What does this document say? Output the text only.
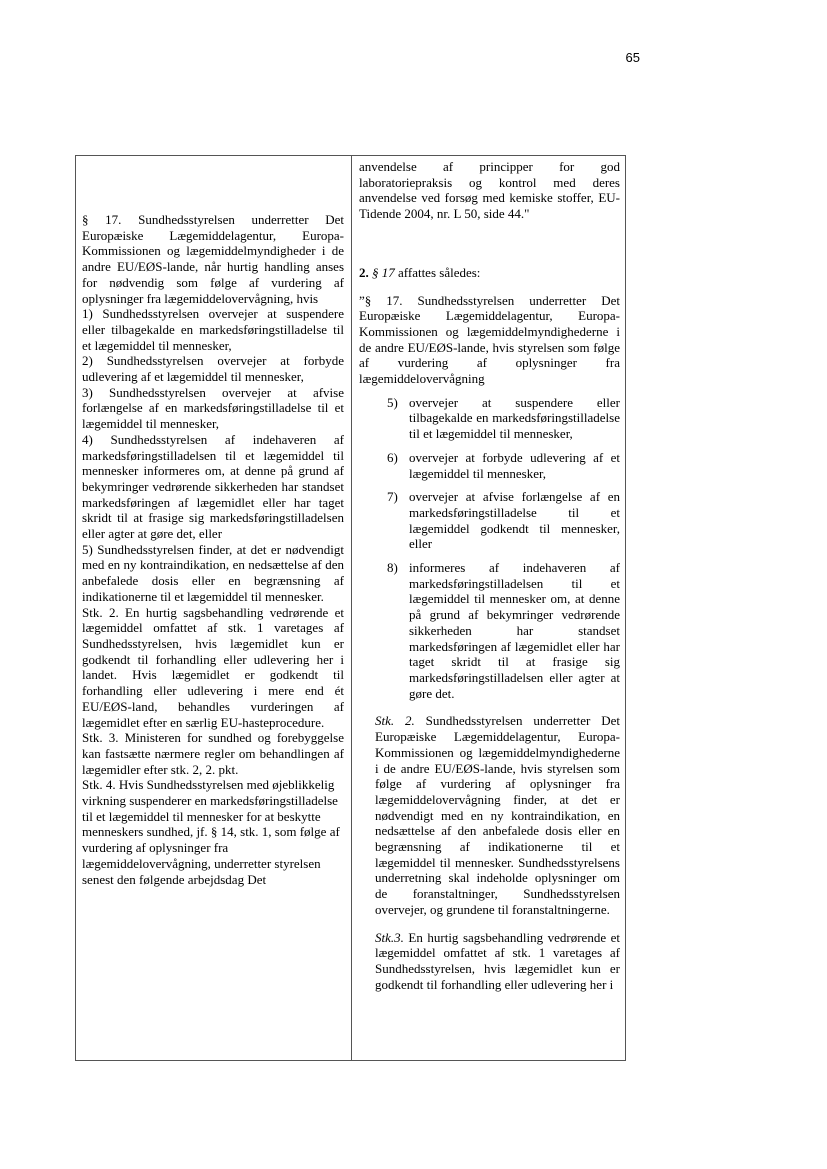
65

§ 17. Sundhedsstyrelsen underretter Det Europæiske Lægemiddelagentur, Europa-Kommissionen og lægemiddelmyndigheder i de andre EU/EØS-lande, når hurtig handling anses for nødvendig som følge af vurdering af oplysninger fra lægemiddelovervågning, hvis

1) Sundhedsstyrelsen overvejer at suspendere eller tilbagekalde en markedsføringstilladelse til et lægemiddel til mennesker,

2) Sundhedsstyrelsen overvejer at forbyde udlevering af et lægemiddel til mennesker,

3) Sundhedsstyrelsen overvejer at afvise forlængelse af en markedsføringstilladelse til et lægemiddel til mennesker,

4) Sundhedsstyrelsen af indehaveren af markedsføringstilladelsen til et lægemiddel til mennesker informeres om, at denne på grund af bekymringer vedrørende sikkerheden har standset markedsføringen af lægemidlet eller har taget skridt til at frasige sig markedsføringstilladelsen eller agter at gøre det, eller

5) Sundhedsstyrelsen finder, at det er nødvendigt med en ny kontraindikation, en nedsættelse af den anbefalede dosis eller en begrænsning af indikationerne til et lægemiddel til mennesker.

Stk. 2. En hurtig sagsbehandling vedrørende et lægemiddel omfattet af stk. 1 varetages af Sundhedsstyrelsen, hvis lægemidlet kun er godkendt til forhandling eller udlevering her i landet. Hvis lægemidlet er godkendt til forhandling eller udlevering i mere end ét EU/EØS-land, behandles vurderingen af lægemidlet efter en særlig EU-hasteprocedure.

Stk. 3. Ministeren for sundhed og forebyggelse kan fastsætte nærmere regler om behandlingen af lægemidler efter stk. 2, 2. pkt.

Stk. 4. Hvis Sundhedsstyrelsen med øjeblikkelig virkning suspenderer en markedsføringstilladelse til et lægemiddel til mennesker for at beskytte menneskers sundhed, jf. § 14, stk. 1, som følge af vurdering af oplysninger fra lægemiddelovervågning, underretter styrelsen senest den følgende arbejdsdag Det

anvendelse af principper for god laboratoriepraksis og kontrol med deres anvendelse ved forsøg med kemiske stoffer, EU-Tidende 2004, nr. L 50, side 44."

2. § 17 affattes således:

”§ 17. Sundhedsstyrelsen underretter Det Europæiske Lægemiddelagentur, Europa-Kommissionen og lægemiddelmyndighederne i de andre EU/EØS-lande, hvis styrelsen som følge af vurdering af oplysninger fra lægemiddelovervågning

5) overvejer at suspendere eller tilbagekalde en markedsføringstilladelse til et lægemiddel til mennesker,
6) overvejer at forbyde udlevering af et lægemiddel til mennesker,
7) overvejer at afvise forlængelse af en markedsføringstilladelse til et lægemiddel godkendt til mennesker, eller
8) informeres af indehaveren af markedsføringstilladelsen til et lægemiddel til mennesker om, at denne på grund af bekymringer vedrørende sikkerheden har standset markedsføringen af lægemidlet eller har taget skridt til at frasige sig markedsføringstilladelsen eller agter at gøre det.

Stk. 2. Sundhedsstyrelsen underretter Det Europæiske Lægemiddelagentur, Europa-Kommissionen og lægemiddelmyndighederne i de andre EU/EØS-lande, hvis styrelsen som følge af vurdering af oplysninger fra lægemiddelovervågning finder, at det er nødvendigt med en ny kontraindikation, en nedsættelse af den anbefalede dosis eller en begrænsning af indikationerne til et lægemiddel til mennesker. Sundhedsstyrelsens underretning skal indeholde oplysninger om de foranstaltninger, Sundhedsstyrelsen overvejer, og grundene til foranstaltningerne.

Stk.3. En hurtig sagsbehandling vedrørende et lægemiddel omfattet af stk. 1 varetages af Sundhedsstyrelsen, hvis lægemidlet kun er godkendt til forhandling eller udlevering her i
